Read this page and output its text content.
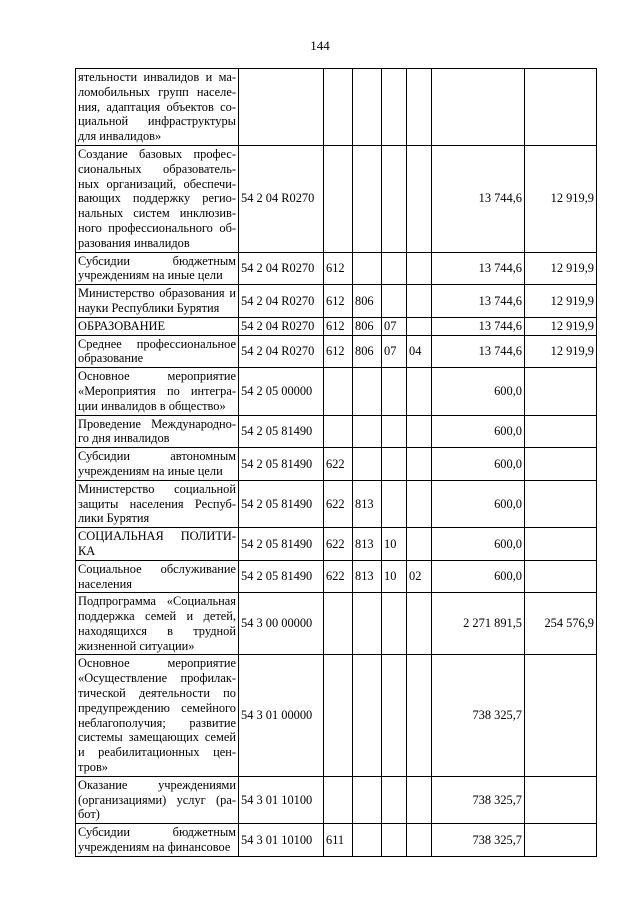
144
ятельности инвалидов и ма-ломобильных групп населе-ния, адаптация объектов со-циальной инфраструктуры для инвалидов»							
Создание базовых профес-сиональных образователь-ных организаций, обеспечи-вающих поддержку регио-нальных систем инклюзив-ного профессионального об-разования инвалидов	54 2 04 R0270					13 744,6	12 919,9
Субсидии бюджетным учреждениям на иные цели	54 2 04 R0270	612				13 744,6	12 919,9
Министерство образования и науки Республики Бурятия	54 2 04 R0270	612	806			13 744,6	12 919,9
ОБРАЗОВАНИЕ	54 2 04 R0270	612	806	07		13 744,6	12 919,9
Среднее профессиональное образование	54 2 04 R0270	612	806	07	04	13 744,6	12 919,9
Основное мероприятие «Мероприятия по интегра-ции инвалидов в общество»	54 2 05 00000					600,0	
Проведение Международно-го дня инвалидов	54 2 05 81490					600,0	
Субсидии автономным учреждениям на иные цели	54 2 05 81490	622				600,0	
Министерство социальной защиты населения Респуб-лики Бурятия	54 2 05 81490	622	813			600,0	
СОЦИАЛЬНАЯ ПОЛИТИ-КА	54 2 05 81490	622	813	10		600,0	
Социальное обслуживание населения	54 2 05 81490	622	813	10	02	600,0	
Подпрограмма «Социальная поддержка семей и детей, находящихся в трудной жизненной ситуации»	54 3 00 00000					2 271 891,5	254 576,9
Основное мероприятие «Осуществление профилак-тической деятельности по предупреждению семейного неблагополучия; развитие системы замещающих семей и реабилитационных цен-тров»	54 3 01 00000					738 325,7	
Оказание учреждениями (организациями) услуг (ра-бот)	54 3 01 10100					738 325,7	
Субсидии бюджетным учреждениям на финансовое	54 3 01 10100	611				738 325,7	
